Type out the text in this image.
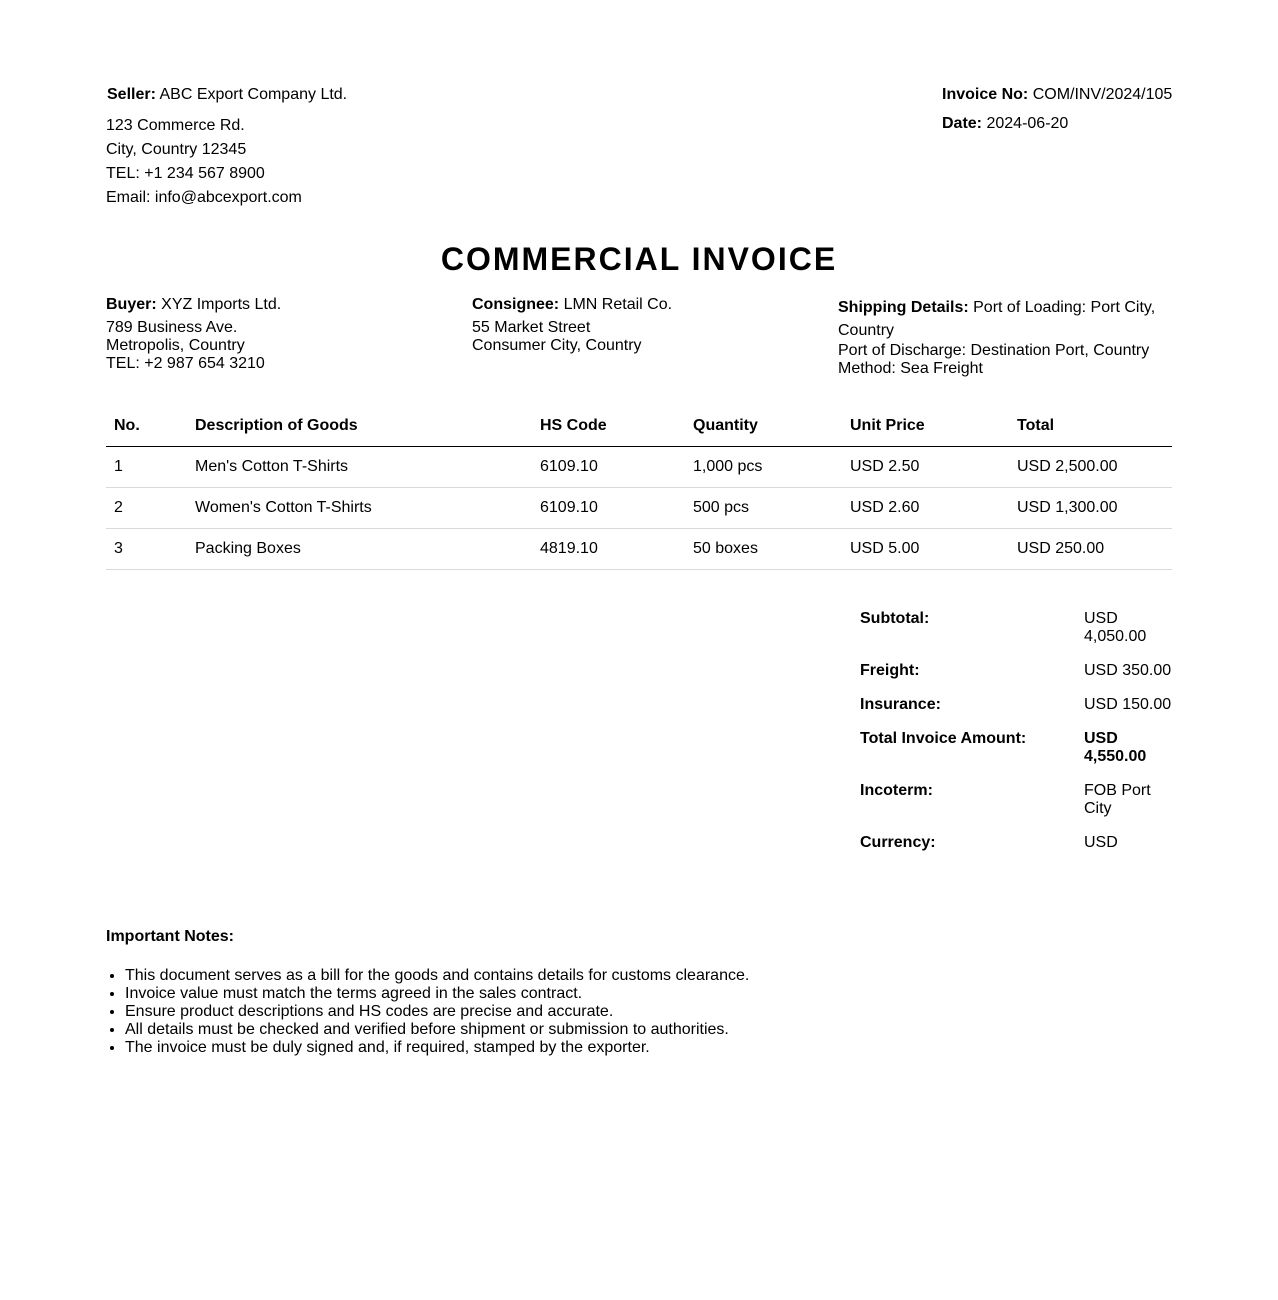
Seller: ABC Export Company Ltd.
123 Commerce Rd.
City, Country 12345
TEL: +1 234 567 8900
Email: info@abcexport.com
Invoice No: COM/INV/2024/105
Date: 2024-06-20
COMMERCIAL INVOICE
Buyer: XYZ Imports Ltd.
789 Business Ave.
Metropolis, Country
TEL: +2 987 654 3210
Consignee: LMN Retail Co.
55 Market Street
Consumer City, Country
Shipping Details: Port of Loading: Port City, Country
Port of Discharge: Destination Port, Country
Method: Sea Freight
No.	Description of Goods	HS Code	Quantity	Unit Price	Total
1	Men's Cotton T-Shirts	6109.10	1,000 pcs	USD 2.50	USD 2,500.00
2	Women's Cotton T-Shirts	6109.10	500 pcs	USD 2.60	USD 1,300.00
3	Packing Boxes	4819.10	50 boxes	USD 5.00	USD 250.00
Subtotal:	USD 4,050.00
Freight:	USD 350.00
Insurance:	USD 150.00
Total Invoice Amount:	USD 4,550.00
Incoterm:	FOB Port City
Currency:	USD
Important Notes:
• This document serves as a bill for the goods and contains details for customs clearance.
• Invoice value must match the terms agreed in the sales contract.
• Ensure product descriptions and HS codes are precise and accurate.
• All details must be checked and verified before shipment or submission to authorities.
• The invoice must be duly signed and, if required, stamped by the exporter.
